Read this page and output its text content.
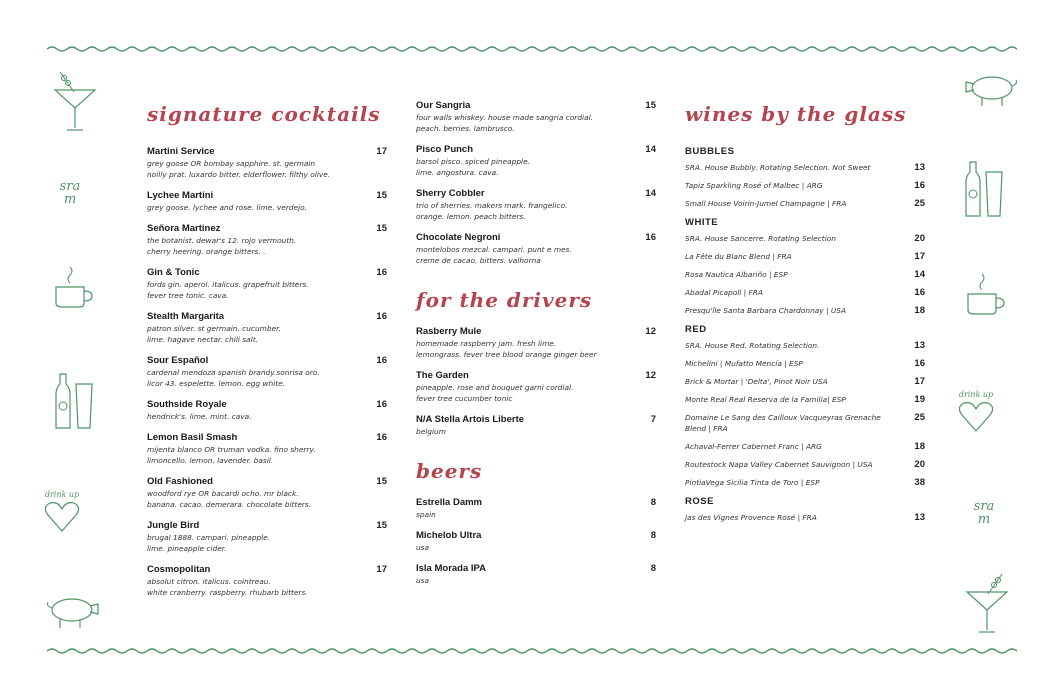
sra
m
drink up
drink up
sra
m
signature cocktails
Martini Service	17
grey goose OR bombay sapphire. st. germain
noilly prat. luxardo bitter. elderflower. filthy olive.
Lychee Martini	15
grey goose. lychee and rose. lime. verdejo.
Señora Martinez	15
the botanist. dewar's 12. rojo vermouth.
cherry heering. orange bitters. .
Gin & Tonic	16
fords gin. aperol. italicus. grapefruit bitters.
fever tree tonic. cava.
Stealth Margarita	16
patron silver. st germain. cucumber.
lime. hagave nectar. chili salt.
Sour Español	16
cardenal mendoza spanish brandy.sonrisa oro.
licor 43. espelette. lemon. egg white.
Southside Royale	16
hendrick's. lime. mint. cava.
Lemon Basil Smash	16
mijenta blanco OR truman vodka. fino sherry.
limoncello. lemon. lavender. basil.
Old Fashioned	15
woodford rye OR bacardi ocho. mr black.
banana. cacao. demerara. chocolate bitters.
Jungle Bird	15
brugal 1888. campari. pineapple.
lime. pineapple cider.
Cosmopolitan	17
absolut citron. italicus. cointreau.
white cranberry. raspberry. rhubarb bitters.
Our Sangria	15
four walls whiskey. house made sangria cordial.
peach. berries. lambrusco.
Pisco Punch	14
barsol pisco. spiced pineapple.
lime. angostura. cava.
Sherry Cobbler	14
trio of sherries. makers mark. frangelico.
orange. lemon. peach bitters.
Chocolate Negroni	16
montelobos mezcal. campari. punt e mes.
creme de cacao. bitters. valhorna
for the drivers
Rasberry Mule	12
homemade raspberry jam. fresh lime.
lemongrass. fever tree blood orange ginger beer
The Garden	12
pineapple. rose and bouquet garni cordial.
fever tree cucumber tonic
N/A Stella Artois Liberte	7
belgium
beers
Estrella Damm	8
spain
Michelob Ultra	8
usa
Isla Morada IPA	8
usa
wines by the glass
BUBBLES
SRA. House Bubbly. Rotating Selection. Not Sweet	13
Tapiz Sparkling Rosé of Malbec | ARG	16
Small House Voirin-Jumel Champagne | FRA	25
WHITE
SRA. House Sancerre. Rotating Selection	20
La Fête du Blanc Blend | FRA	17
Rosa Nautica Albariño | ESP	14
Abadal Picapoll | FRA	16
Presqu'île Santa Barbara Chardonnay | USA	18
RED
SRA. House Red. Rotating Selection.	13
Michelini | Mufatto Mencía | ESP	16
Brick & Mortar | 'Delta', Pinot Noir USA	17
Monte Real Real Reserva de la Familia| ESP	19
Domaine Le Sang des Cailloux Vacqueyras Grenache Blend | FRA
25
Achaval-Ferrer Cabernet Franc | ARG	18
Routestock Napa Valley Cabernet Sauvignon | USA	20
PintiaVega Sicilia Tinta de Toro | ESP	38
ROSE
Jas des Vignes Provence Rosé | FRA	13
